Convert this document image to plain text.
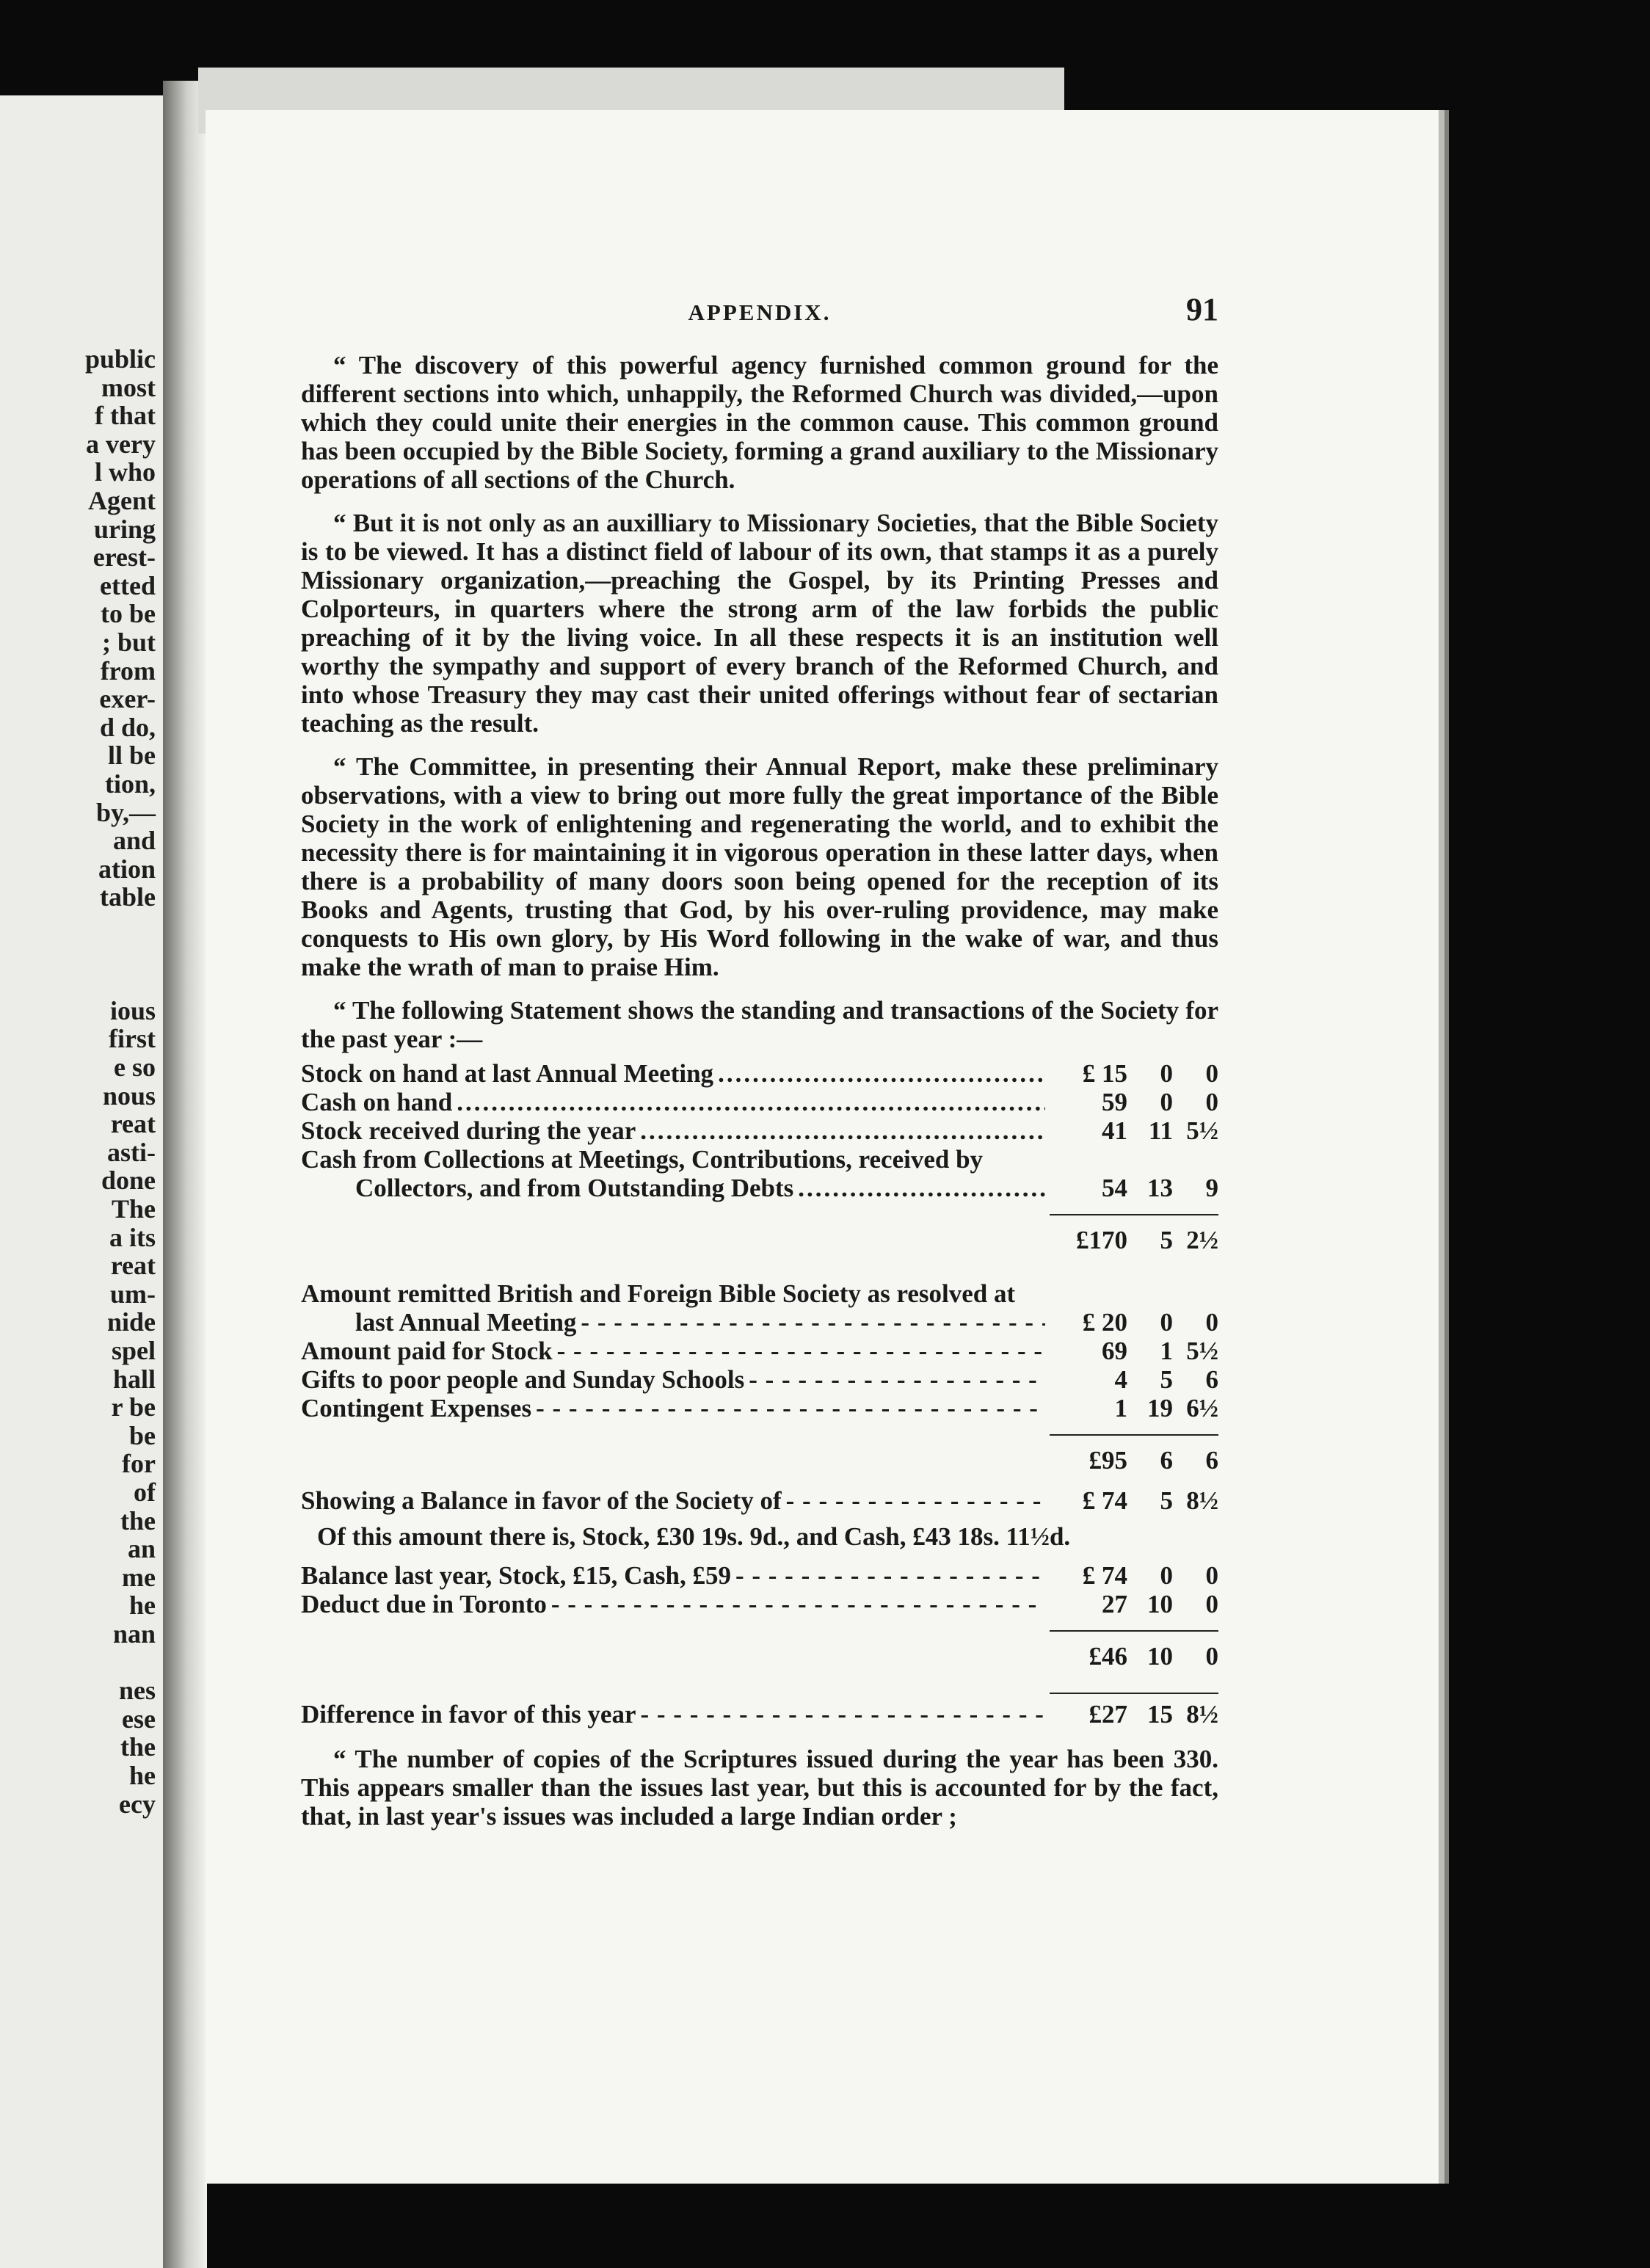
public
most
f that
a very
l who
Agent
uring
erest-
etted
to be
; but
from
exer-
d do,
ll be
tion,
by,—
and
ation
table
ious
first
e so
nous
reat
asti-
done
The
a its
reat
um-
nide
spel
hall
r be
be
for
of
the
an
me
he
nan
nes
ese
the
he
ecy
APPENDIX.	91

“ The discovery of this powerful agency furnished common ground for the different sections into which, unhappily, the Reformed Church was divided,—upon which they could unite their energies in the common cause. This common ground has been occupied by the Bible Society, forming a grand auxiliary to the Missionary operations of all sections of the Church.

“ But it is not only as an auxilliary to Missionary Societies, that the Bible Society is to be viewed. It has a distinct field of labour of its own, that stamps it as a purely Missionary organization,—preaching the Gospel, by its Printing Presses and Colporteurs, in quarters where the strong arm of the law forbids the public preaching of it by the living voice. In all these respects it is an institution well worthy the sympathy and support of every branch of the Reformed Church, and into whose Treasury they may cast their united offerings without fear of sectarian teaching as the result.

“ The Committee, in presenting their Annual Report, make these preliminary observations, with a view to bring out more fully the great importance of the Bible Society in the work of enlightening and regenerating the world, and to exhibit the necessity there is for maintaining it in vigorous operation in these latter days, when there is a probability of many doors soon being opened for the reception of its Books and Agents, trusting that God, by his over-ruling providence, may make conquests to His own glory, by His Word following in the wake of war, and thus make the wrath of man to praise Him.

“ The following Statement shows the standing and transactions of the Society for the past year :—

Stock on hand at last Annual Meeting .....	£ 15	0	0
Cash on hand .....	59	0	0
Stock received during the year .....	41 11 5½
Cash from Collections at Meetings, Contributions, received by
Collectors, and from Outstanding Debts .....	54 13	9
£170	5 2½
Amount remitted British and Foreign Bible Society as resolved at
last Annual Meeting - - -	£ 20	0	0
Amount paid for Stock - - -	69	1 5½
Gifts to poor people and Sunday Schools - - -	4	5	6
Contingent Expenses - - -	1 19 6½
£95	6	6
Showing a Balance in favor of the Society of - - -	£ 74	5 8½
Of this amount there is, Stock, £30 19s. 9d., and Cash, £43 18s. 11½d.
Balance last year, Stock, £15, Cash, £59 - - -	£ 74	0	0
Deduct due in Toronto - - -	27 10	0
£46 10	0
Difference in favor of this year - - -	£27 15 8½

“ The number of copies of the Scriptures issued during the year has been 330. This appears smaller than the issues last year, but this is accounted for by the fact, that, in last year's issues was included a large Indian order ;
